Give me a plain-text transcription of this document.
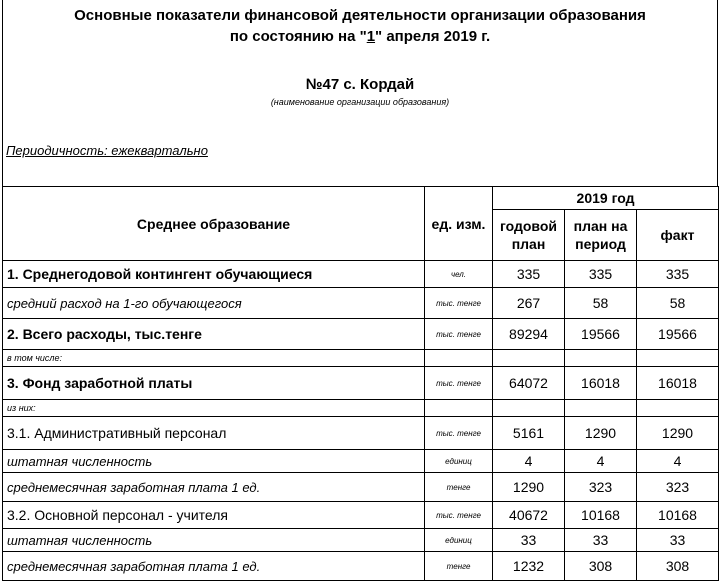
Основные показатели финансовой деятельности организации образования
по состоянию на "1" апреля 2019 г.
№47 с. Кордай
(наименование организации образования)
Периодичность: ежеквартально
Среднее образование	ед. изм.	2019 год		
		годовой план	план на период	факт
1. Среднегодовой контингент обучающиеся	чел.	335	335	335
средний расход на 1-го обучающегося	тыс. тенге	267	58	58
2. Всего расходы, тыс.тенге	тыс. тенге	89294	19566	19566
в том числе:				
3. Фонд заработной платы	тыс. тенге	64072	16018	16018
из них:				
3.1. Административный персонал	тыс. тенге	5161	1290	1290
штатная численность	единиц	4	4	4
среднемесячная заработная плата 1 ед.	тенге	1290	323	323
3.2. Основной персонал - учителя	тыс. тенге	40672	10168	10168
штатная численность	единиц	33	33	33
среднемесячная заработная плата 1 ед.	тенге	1232	308	308
